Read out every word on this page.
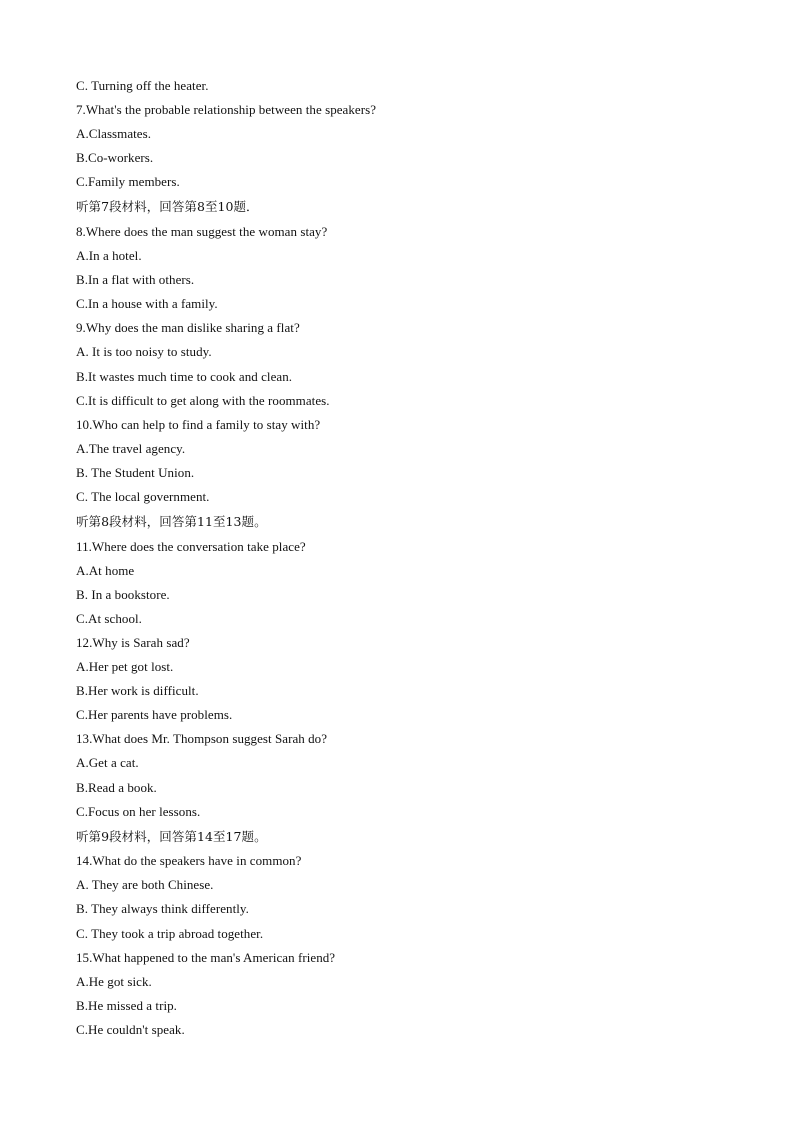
C. Turning off the heater.
7.What's the probable relationship between the speakers?
A.Classmates.
B.Co-workers.
C.Family members.
听第7段材料，回答第8至10题．
8.Where does the man suggest the woman stay?
A.In a hotel.
B.In a flat with others.
C.In a house with a family.
9.Why does the man dislike sharing a flat?
A. It is too noisy to study.
B.It wastes much time to cook and clean.
C.It is difficult to get along with the roommates.
10.Who can help to find a family to stay with?
A.The travel agency.
B. The Student Union.
C. The local government.
听第8段材料，回答第11至13题。
11.Where does the conversation take place?
A.At home
B. In a bookstore.
C.At school.
12.Why is Sarah sad?
A.Her pet got lost.
B.Her work is difficult.
C.Her parents have problems.
13.What does Mr. Thompson suggest Sarah do?
A.Get a cat.
B.Read a book.
C.Focus on her lessons.
听第9段材料，回答第14至17题。
14.What do the speakers have in common?
A. They are both Chinese.
B. They always think differently.
C. They took a trip abroad together.
15.What happened to the man's American friend?
A.He got sick.
B.He missed a trip.
C.He couldn't speak.
